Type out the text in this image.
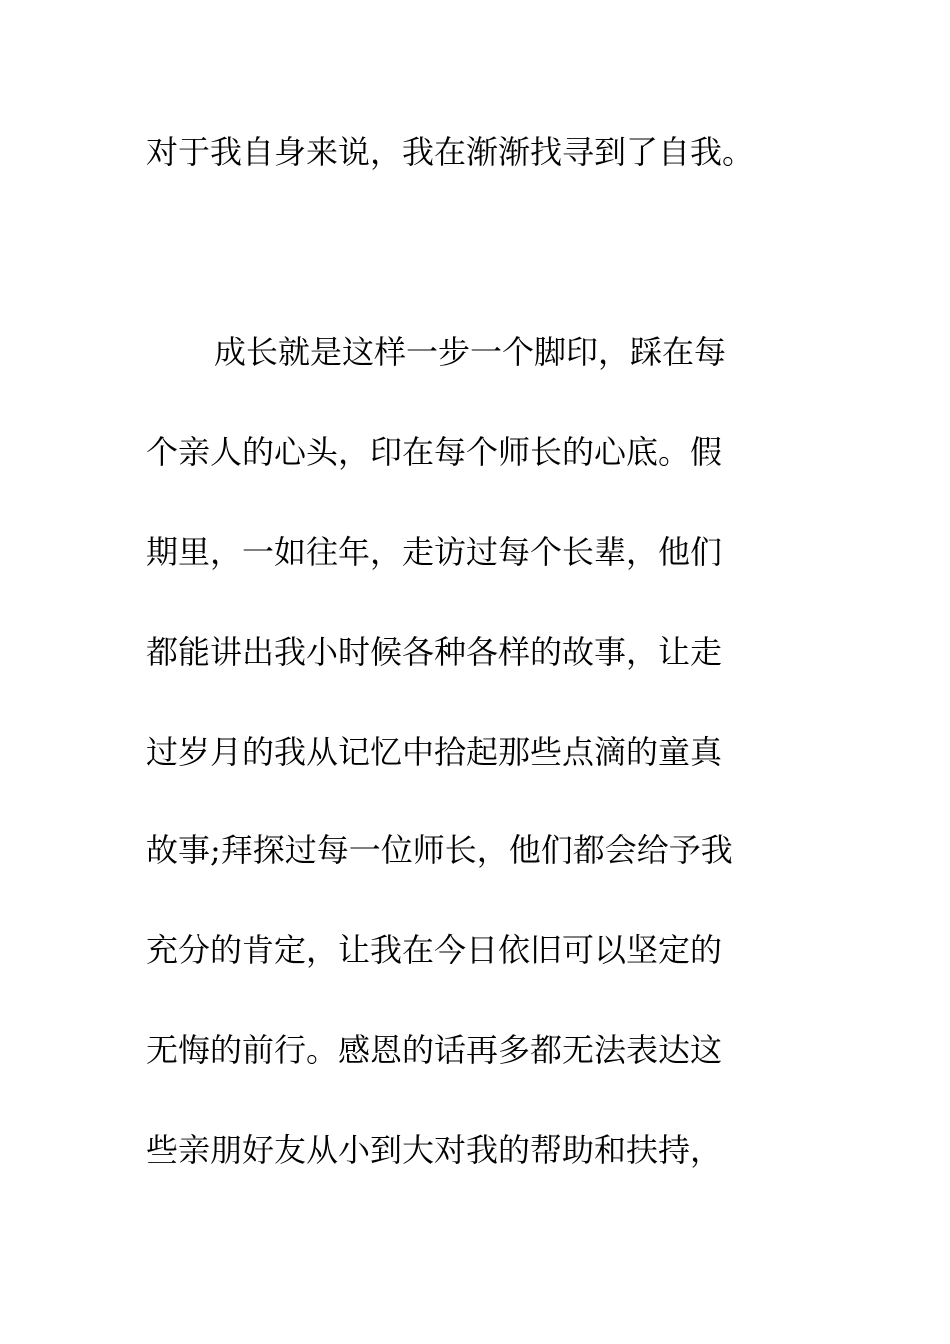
对于我自身来说，我在渐渐找寻到了自我。
成长就是这样一步一个脚印，踩在每
个亲人的心头，印在每个师长的心底。假
期里，一如往年，走访过每个长辈，他们
都能讲出我小时候各种各样的故事，让走
过岁月的我从记忆中拾起那些点滴的童真
故事;拜探过每一位师长，他们都会给予我
充分的肯定，让我在今日依旧可以坚定的
无悔的前行。感恩的话再多都无法表达这
些亲朋好友从小到大对我的帮助和扶持，
